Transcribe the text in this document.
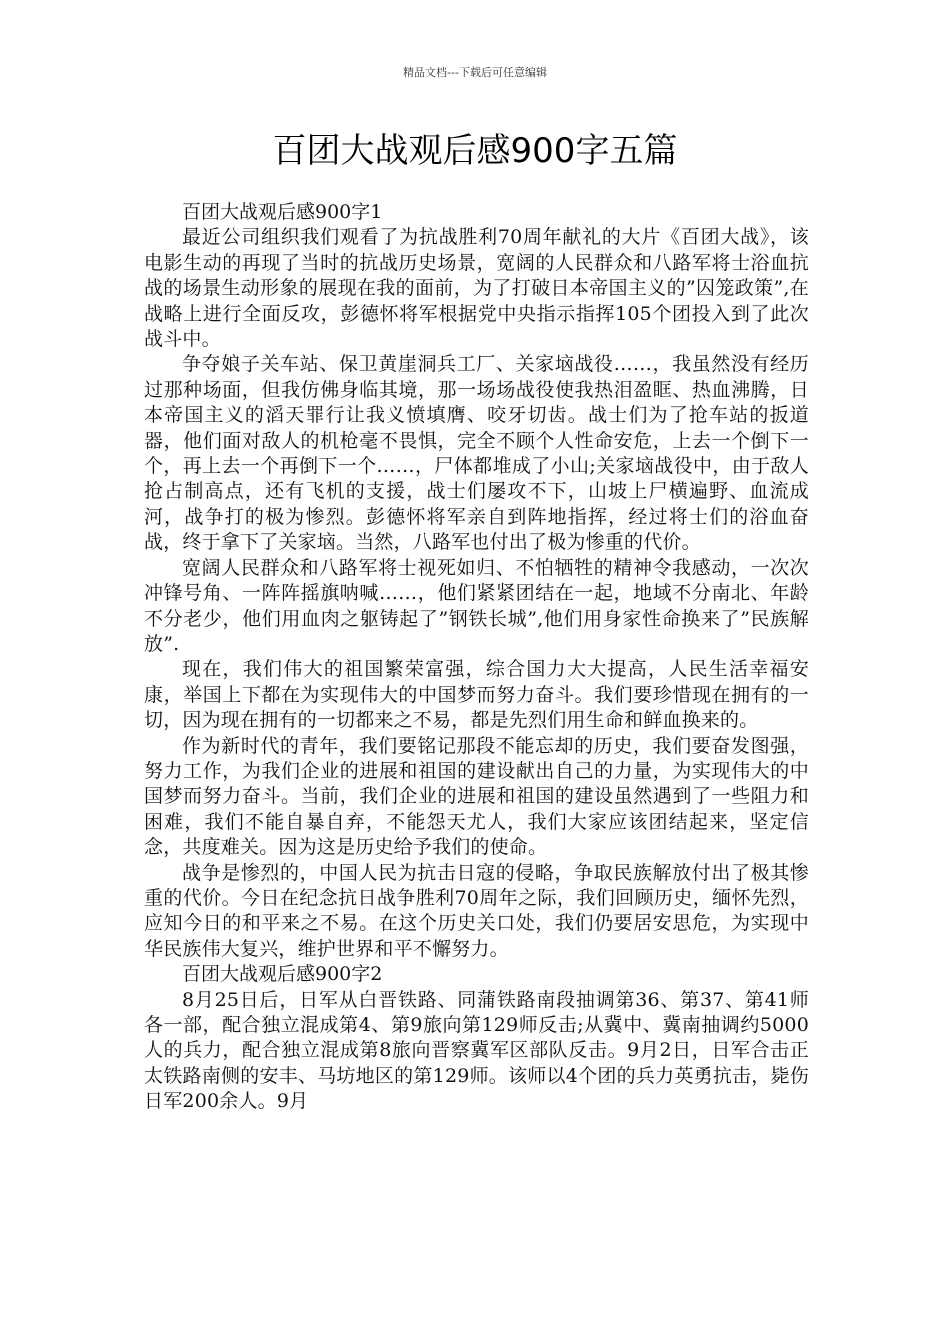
精品文档---下载后可任意编辑
百团大战观后感900字五篇

百团大战观后感900字1

最近公司组织我们观看了为抗战胜利70周年献礼的大片《百团大战》，该电影生动的再现了当时的抗战历史场景，宽阔的人民群众和八路军将士浴血抗战的场景生动形象的展现在我的面前，为了打破日本帝国主义的”囚笼政策”,在战略上进行全面反攻，彭德怀将军根据党中央指示指挥105个团投入到了此次战斗中。

争夺娘子关车站、保卫黄崖洞兵工厂、关家垴战役……，我虽然没有经历过那种场面，但我仿佛身临其境，那一场场战役使我热泪盈眶、热血沸腾，日本帝国主义的滔天罪行让我义愤填膺、咬牙切齿。战士们为了抢车站的扳道器，他们面对敌人的机枪毫不畏惧，完全不顾个人性命安危，上去一个倒下一个，再上去一个再倒下一个……，尸体都堆成了小山;关家垴战役中，由于敌人抢占制高点，还有飞机的支援，战士们屡攻不下，山坡上尸横遍野、血流成河，战争打的极为惨烈。彭德怀将军亲自到阵地指挥，经过将士们的浴血奋战，终于拿下了关家垴。当然，八路军也付出了极为惨重的代价。

宽阔人民群众和八路军将士视死如归、不怕牺牲的精神令我感动，一次次冲锋号角、一阵阵摇旗呐喊……，他们紧紧团结在一起，地域不分南北、年龄不分老少，他们用血肉之躯铸起了”钢铁长城”,他们用身家性命换来了”民族解放”.

现在，我们伟大的祖国繁荣富强，综合国力大大提高，人民生活幸福安康，举国上下都在为实现伟大的中国梦而努力奋斗。我们要珍惜现在拥有的一切，因为现在拥有的一切都来之不易，都是先烈们用生命和鲜血换来的。

作为新时代的青年，我们要铭记那段不能忘却的历史，我们要奋发图强，努力工作，为我们企业的进展和祖国的建设献出自己的力量，为实现伟大的中国梦而努力奋斗。当前，我们企业的进展和祖国的建设虽然遇到了一些阻力和困难，我们不能自暴自弃，不能怨天尤人，我们大家应该团结起来，坚定信念，共度难关。因为这是历史给予我们的使命。

战争是惨烈的，中国人民为抗击日寇的侵略，争取民族解放付出了极其惨重的代价。今日在纪念抗日战争胜利70周年之际，我们回顾历史，缅怀先烈，应知今日的和平来之不易。在这个历史关口处，我们仍要居安思危，为实现中华民族伟大复兴，维护世界和平不懈努力。

百团大战观后感900字2

8月25日后，日军从白晋铁路、同蒲铁路南段抽调第36、第37、第41师各一部，配合独立混成第4、第9旅向第129师反击;从冀中、冀南抽调约5000人的兵力，配合独立混成第8旅向晋察冀军区部队反击。9月2日，日军合击正太铁路南侧的安丰、马坊地区的第129师。该师以4个团的兵力英勇抗击，毙伤日军200余人。9月
